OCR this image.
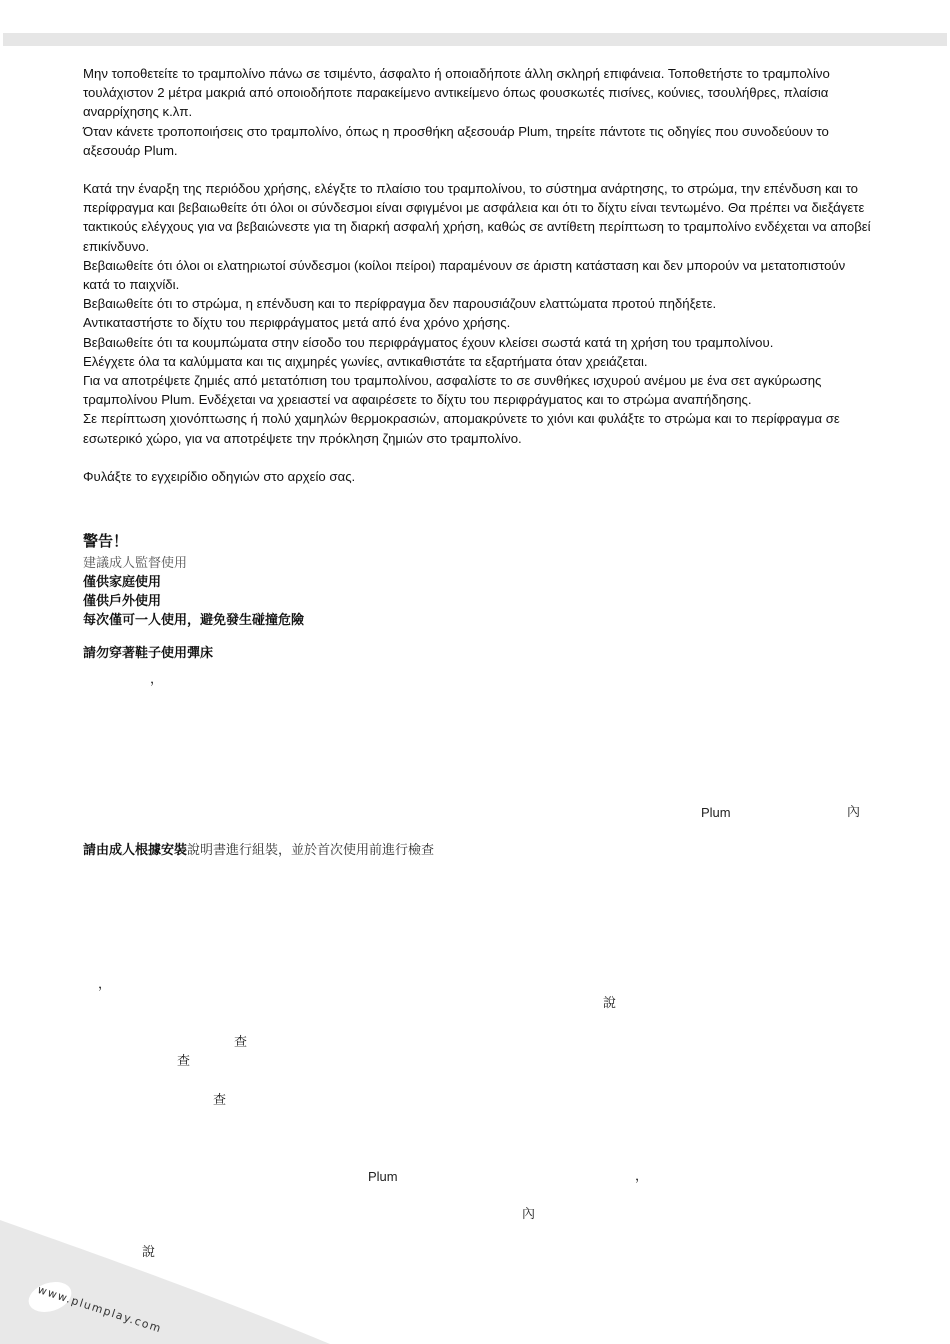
Μην τοποθετείτε το τραμπολίνο πάνω σε τσιμέντο, άσφαλτο ή οποιαδήποτε άλλη σκληρή επιφάνεια. Τοποθετήστε το τραμπολίνο τουλάχιστον 2 μέτρα μακριά από οποιοδήποτε παρακείμενο αντικείμενο όπως φουσκωτές πισίνες, κούνιες, τσουλήθρες, πλαίσια αναρρίχησης κ.λπ.

Όταν κάνετε τροποποιήσεις στο τραμπολίνο, όπως η προσθήκη αξεσουάρ Plum, τηρείτε πάντοτε τις οδηγίες που συνοδεύουν το αξεσουάρ Plum.

Κατά την έναρξη της περιόδου χρήσης, ελέγξτε το πλαίσιο του τραμπολίνου, το σύστημα ανάρτησης, το στρώμα, την επένδυση και το περίφραγμα και βεβαιωθείτε ότι όλοι οι σύνδεσμοι είναι σφιγμένοι με ασφάλεια και ότι το δίχτυ είναι τεντωμένο. Θα πρέπει να διεξάγετε τακτικούς ελέγχους για να βεβαιώνεστε για τη διαρκή ασφαλή χρήση, καθώς σε αντίθετη περίπτωση το τραμπολίνο ενδέχεται να αποβεί επικίνδυνο.

Βεβαιωθείτε ότι όλοι οι ελατηριωτοί σύνδεσμοι (κοίλοι πείροι) παραμένουν σε άριστη κατάσταση και δεν μπορούν να μετατοπιστούν κατά το παιχνίδι.

Βεβαιωθείτε ότι το στρώμα, η επένδυση και το περίφραγμα δεν παρουσιάζουν ελαττώματα προτού πηδήξετε.

Αντικαταστήστε το δίχτυ του περιφράγματος μετά από ένα χρόνο χρήσης.

Βεβαιωθείτε ότι τα κουμπώματα στην είσοδο του περιφράγματος έχουν κλείσει σωστά κατά τη χρήση του τραμπολίνου.

Ελέγχετε όλα τα καλύμματα και τις αιχμηρές γωνίες, αντικαθιστάτε τα εξαρτήματα όταν χρειάζεται.

Για να αποτρέψετε ζημιές από μετατόπιση του τραμπολίνου, ασφαλίστε το σε συνθήκες ισχυρού ανέμου με ένα σετ αγκύρωσης τραμπολίνου Plum. Ενδέχεται να χρειαστεί να αφαιρέσετε το δίχτυ του περιφράγματος και το στρώμα αναπήδησης.

Σε περίπτωση χιονόπτωσης ή πολύ χαμηλών θερμοκρασιών, απομακρύνετε το χιόνι και φυλάξτε το στρώμα και το περίφραγμα σε εσωτερικό χώρο, για να αποτρέψετε την πρόκληση ζημιών στο τραμπολίνο.

Φυλάξτε το εγχειρίδιο οδηγιών στο αρχείο σας.

警告！
建議成人監督使用
僅供家庭使用
僅供戶外使用
每次僅可一人使用，避免發生碰撞危險
請勿穿著鞋子使用彈床
，
Plum	內
請由成人根據安裝說明書進行組裝，並於首次使用前進行檢查
，
說
查
查
查
Plum	，
內
說
www.plumplay.com
